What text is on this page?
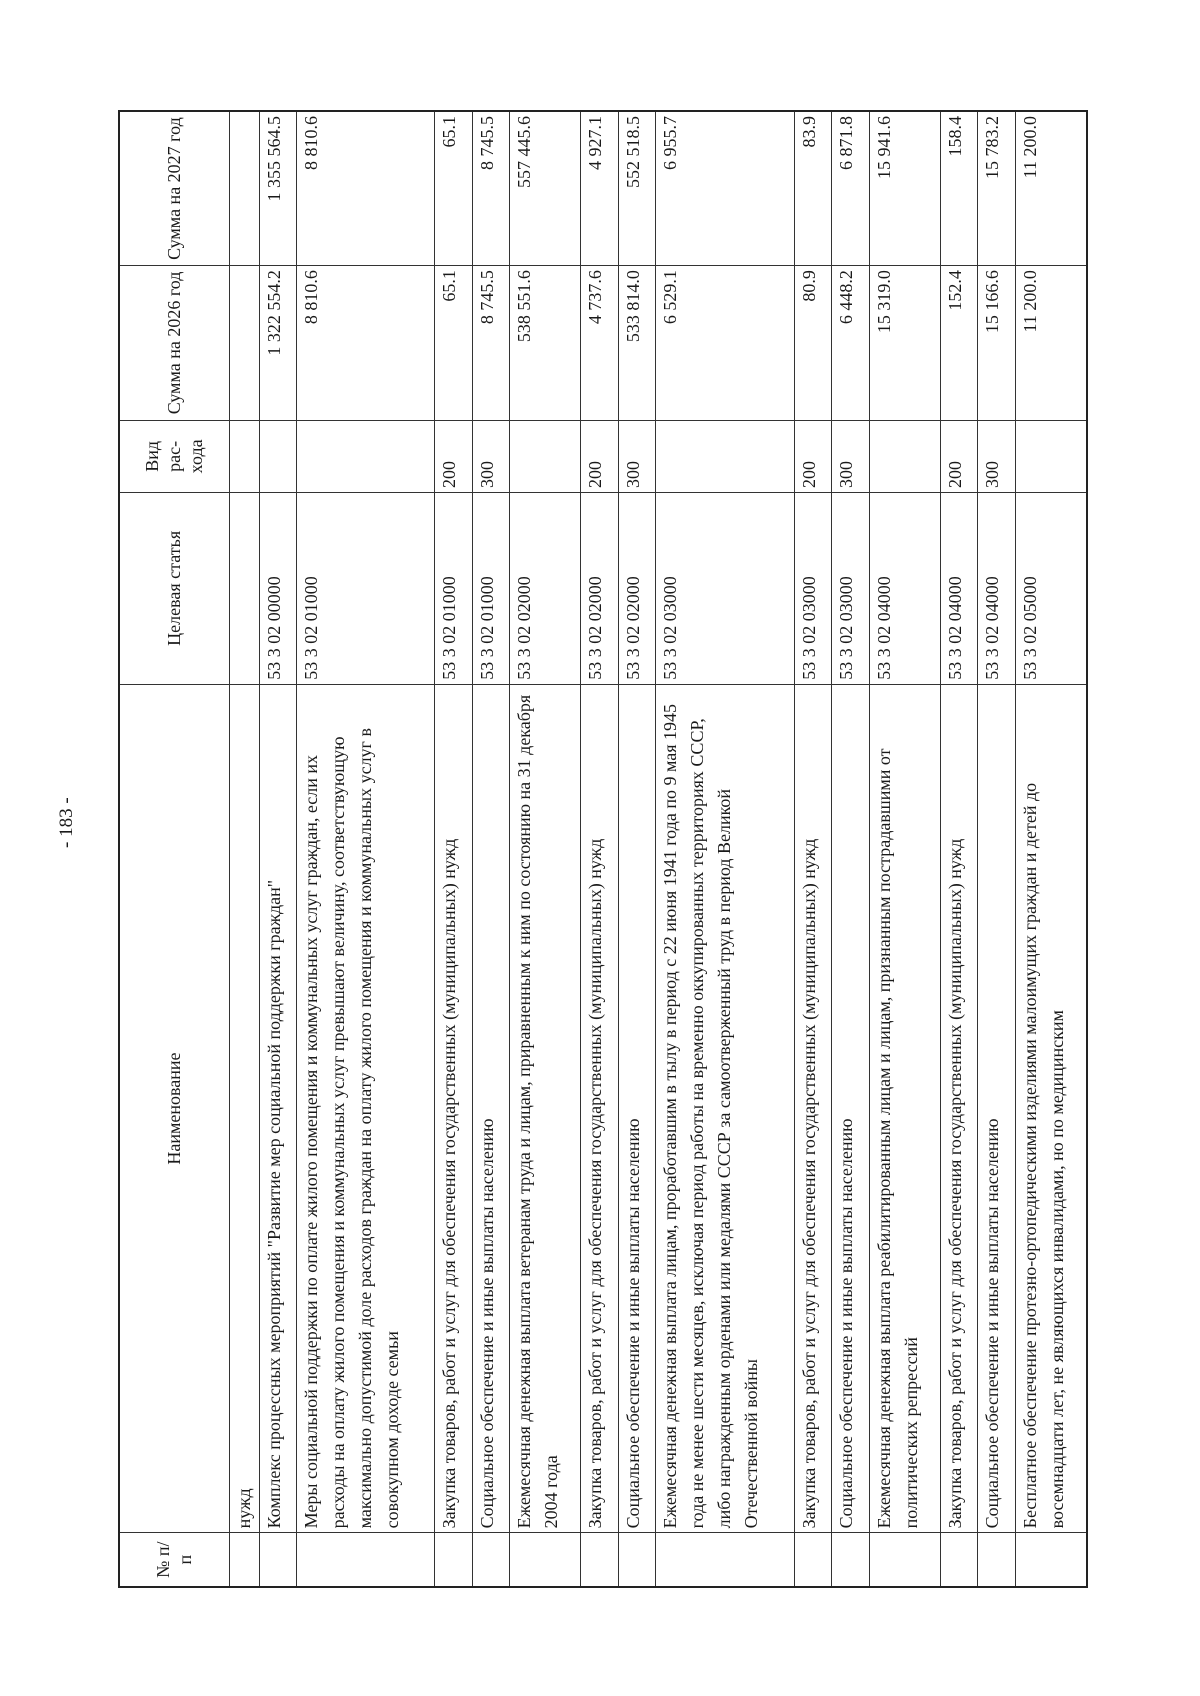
- 183 -
№ п/п	Наименование	Целевая статья	Вид рас-хода	Сумма на 2026 год	Сумма на 2027 год
	нужд				
	Комплекс процессных мероприятий "Развитие мер социальной поддержки граждан"	53 3 02 00000		1 322 554.2	1 355 564.5
	Меры социальной поддержки по оплате жилого помещения и коммунальных услуг граждан, если их расходы на оплату жилого помещения и коммунальных услуг превышают величину, соответствующую максимально допустимой доле расходов граждан на оплату жилого помещения и коммунальных услуг в совокупном доходе семьи	53 3 02 01000		8 810.6	8 810.6
	Закупка товаров, работ и услуг для обеспечения государственных (муниципальных) нужд	53 3 02 01000	200	65.1	65.1
	Социальное обеспечение и иные выплаты населению	53 3 02 01000	300	8 745.5	8 745.5
	Ежемесячная денежная выплата ветеранам труда и лицам, приравненным к ним по состоянию на 31 декабря 2004 года	53 3 02 02000		538 551.6	557 445.6
	Закупка товаров, работ и услуг для обеспечения государственных (муниципальных) нужд	53 3 02 02000	200	4 737.6	4 927.1
	Социальное обеспечение и иные выплаты населению	53 3 02 02000	300	533 814.0	552 518.5
	Ежемесячная денежная выплата лицам, проработавшим в тылу в период с 22 июня 1941 года по 9 мая 1945 года не менее шести месяцев, исключая период работы на временно оккупированных территориях СССР, либо награжденным орденами или медалями СССР за самоотверженный труд в период Великой Отечественной войны	53 3 02 03000		6 529.1	6 955.7
	Закупка товаров, работ и услуг для обеспечения государственных (муниципальных) нужд	53 3 02 03000	200	80.9	83.9
	Социальное обеспечение и иные выплаты населению	53 3 02 03000	300	6 448.2	6 871.8
	Ежемесячная денежная выплата реабилитированным лицам и лицам, признанным пострадавшими от политических репрессий	53 3 02 04000		15 319.0	15 941.6
	Закупка товаров, работ и услуг для обеспечения государственных (муниципальных) нужд	53 3 02 04000	200	152.4	158.4
	Социальное обеспечение и иные выплаты населению	53 3 02 04000	300	15 166.6	15 783.2
	Бесплатное обеспечение протезно-ортопедическими изделиями малоимущих граждан и детей до восемнадцати лет, не являющихся инвалидами, но по медицинским	53 3 02 05000		11 200.0	11 200.0
